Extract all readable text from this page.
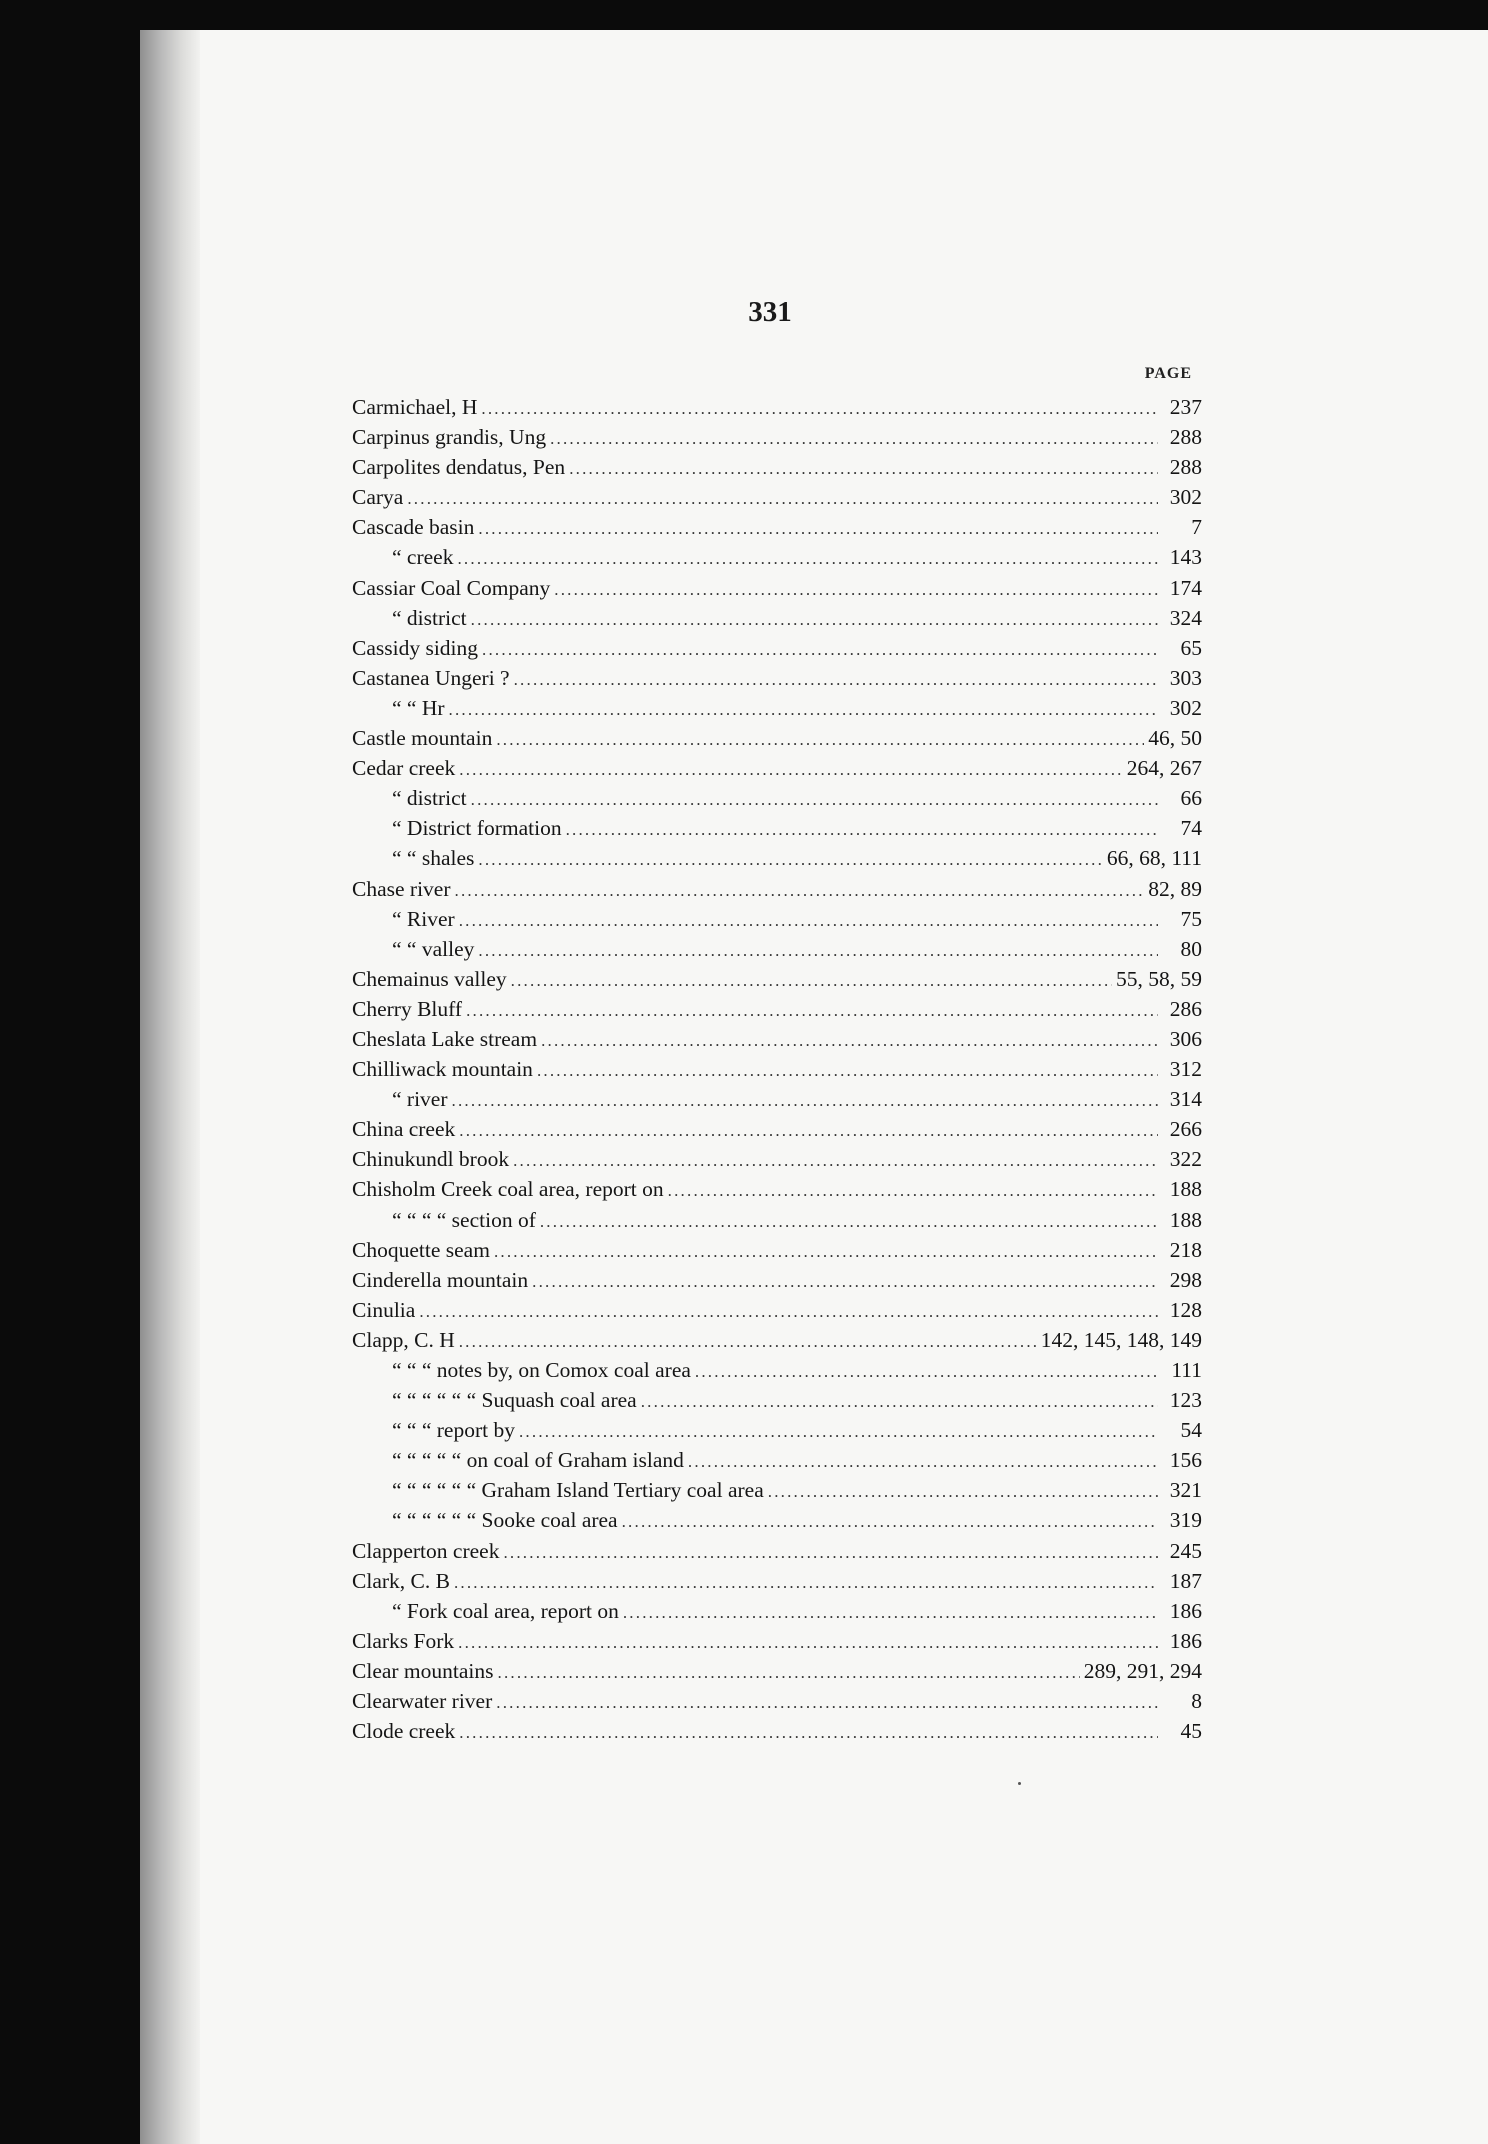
331
PAGE
Carmichael, H .....	237
Carpinus grandis, Ung .....	288
Carpolites dendatus, Pen .....	288
Carya .....	302
Cascade basin .....	7
“ creek .....	143
Cassiar Coal Company .....	174
“ district .....	324
Cassidy siding .....	65
Castanea Ungeri ? .....	303
“ “ Hr .....	302
Castle mountain .....	46, 50
Cedar creek .....	264, 267
“ district .....	66
“ District formation .....	74
“ “ shales .....	66, 68, 111
Chase river .....	82, 89
“ River .....	75
“ “ valley .....	80
Chemainus valley .....	55, 58, 59
Cherry Bluff .....	286
Cheslata Lake stream .....	306
Chilliwack mountain .....	312
“ river .....	314
China creek .....	266
Chinukundl brook .....	322
Chisholm Creek coal area, report on .....	188
“ “ “ “ section of .....	188
Choquette seam .....	218
Cinderella mountain .....	298
Cinulia .....	128
Clapp, C. H .....	142, 145, 148, 149
“ “ “ notes by, on Comox coal area .....	111
“ “ “ “ “ “ Suquash coal area .....	123
“ “ “ report by .....	54
“ “ “ “ “ on coal of Graham island .....	156
“ “ “ “ “ “ Graham Island Tertiary coal area .....	321
“ “ “ “ “ “ Sooke coal area .....	319
Clapperton creek .....	245
Clark, C. B .....	187
“ Fork coal area, report on .....	186
Clarks Fork .....	186
Clear mountains .....	289, 291, 294
Clearwater river .....	8
Clode creek .....	45
